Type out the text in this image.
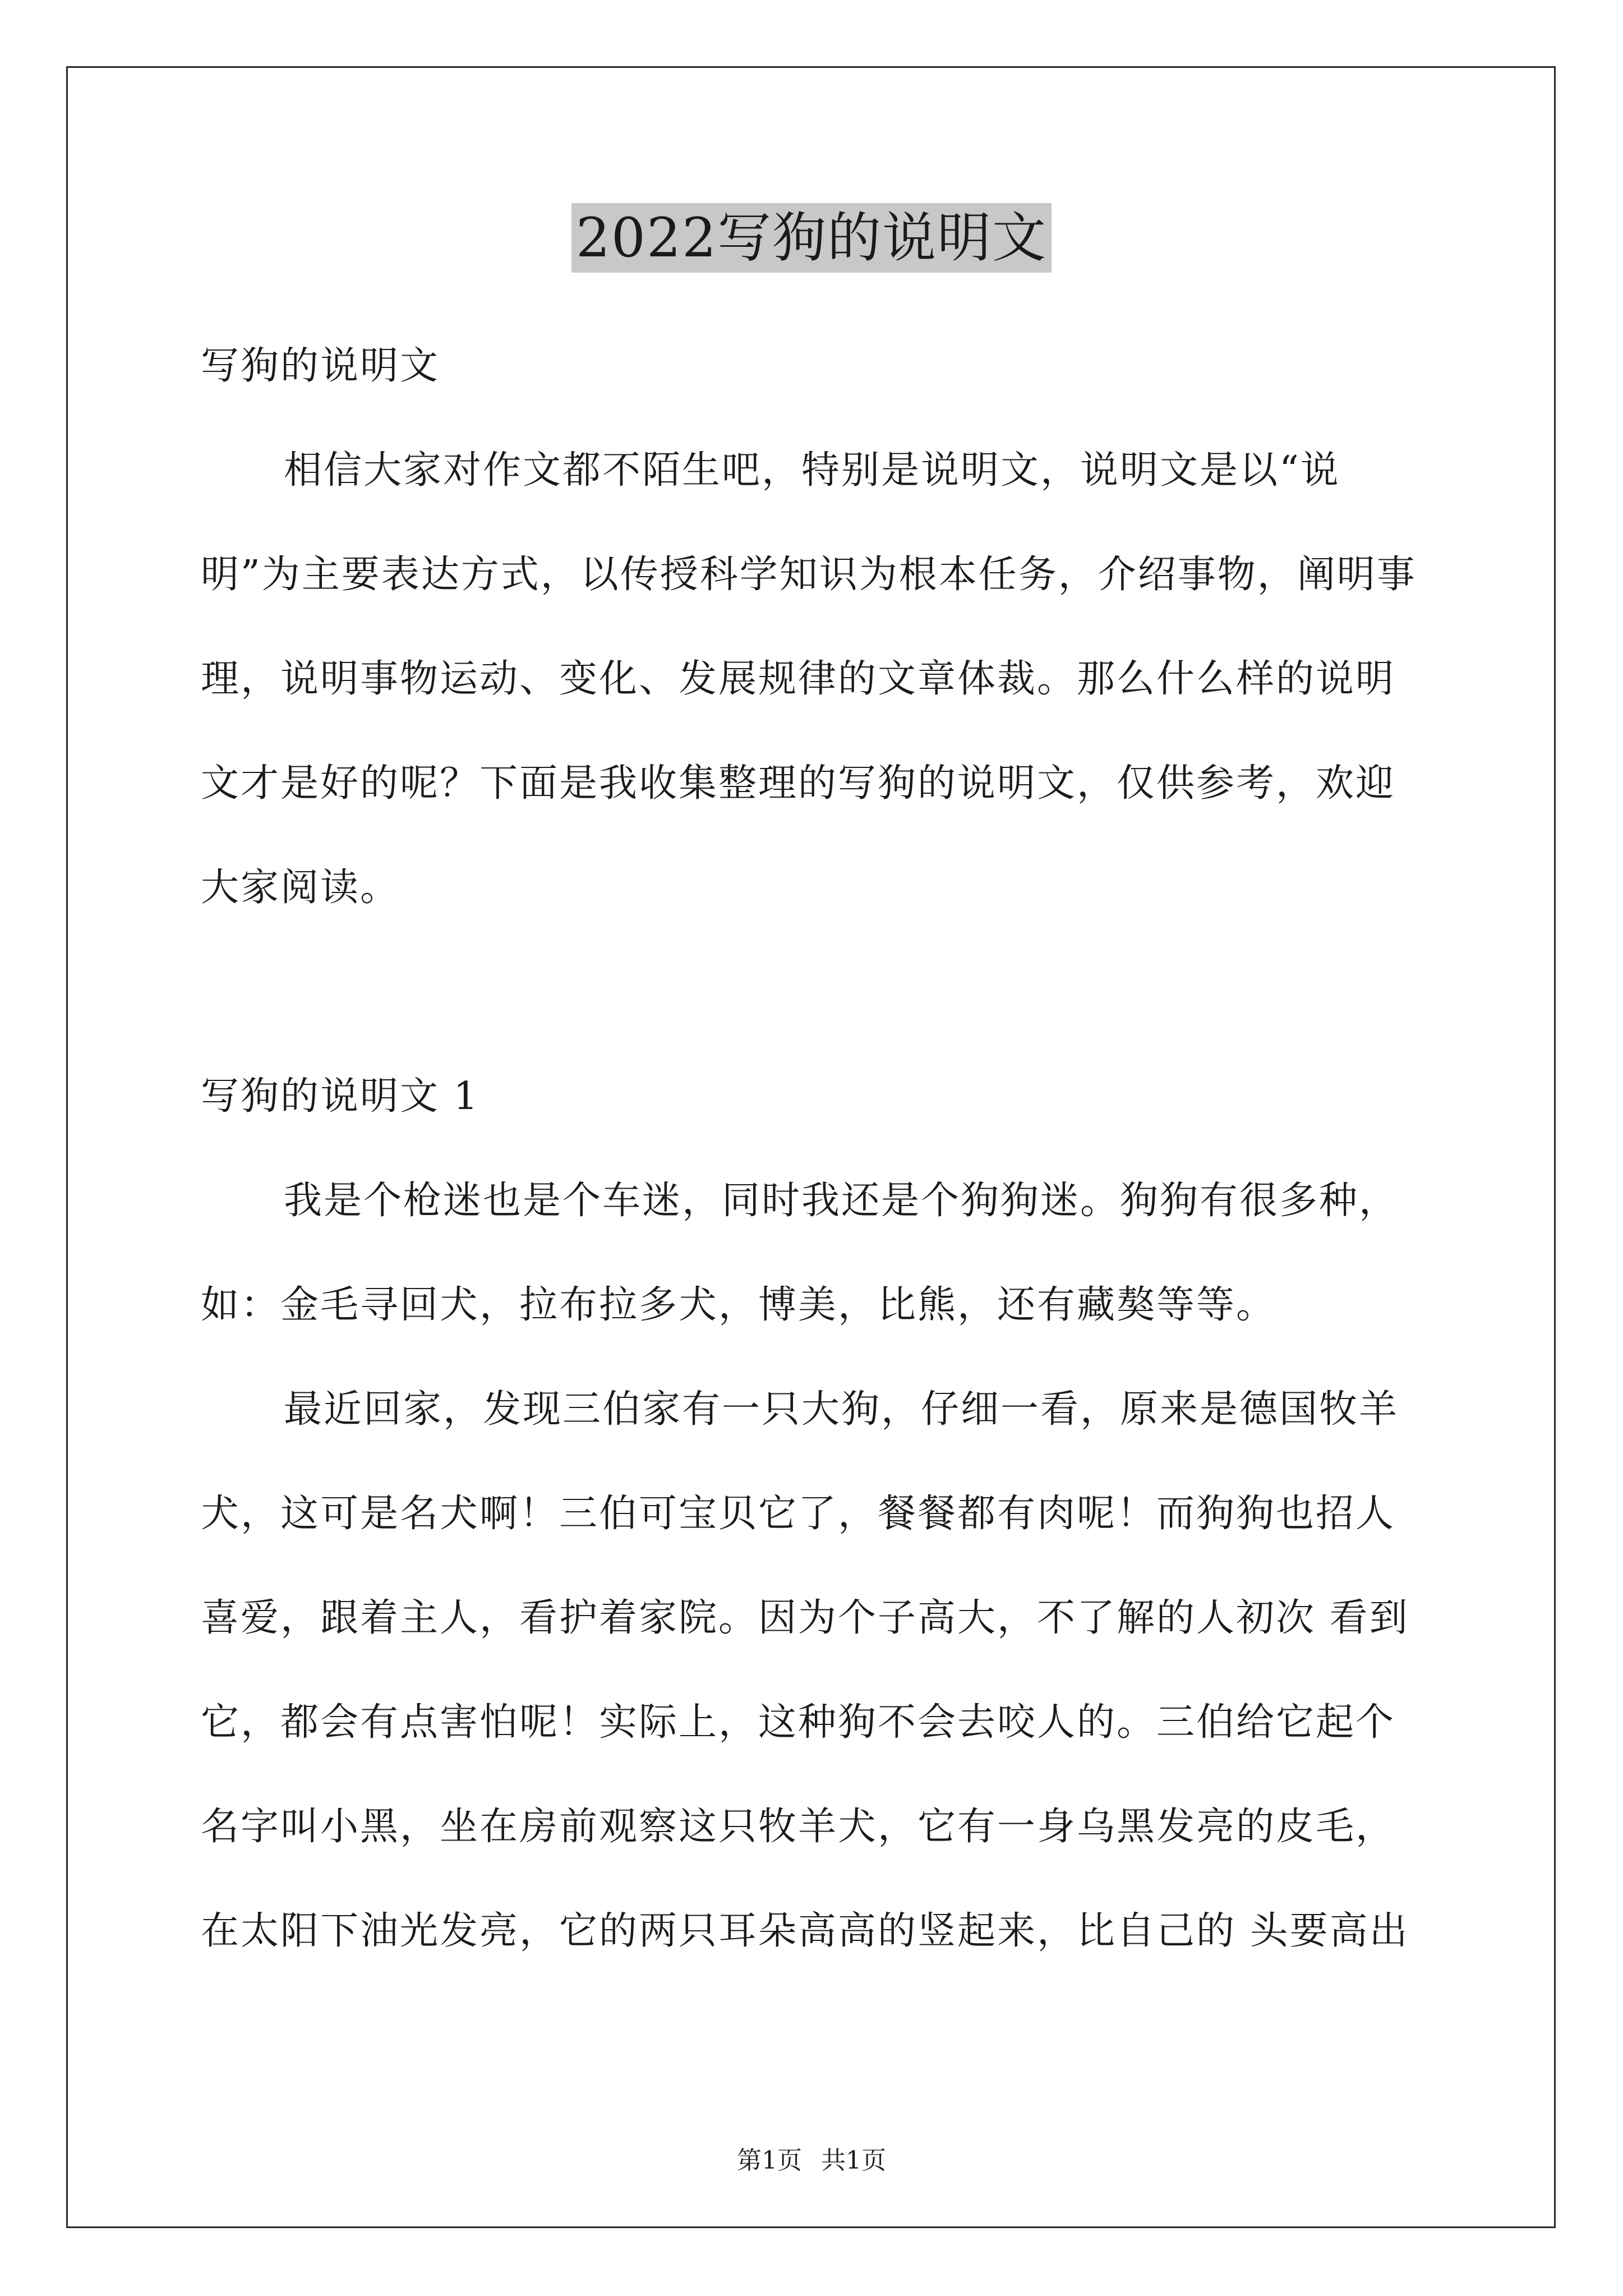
2022写狗的说明文

写狗的说明文

相信大家对作文都不陌生吧，特别是说明文，说明文是以“说明”为主要表达方式，以传授科学知识为根本任务，介绍事物，阐明事理，说明事物运动、变化、发展规律的文章体裁。那么什么样的说明文才是好的呢？下面是我收集整理的写狗的说明文，仅供参考，欢迎大家阅读。

写狗的说明文 1

我是个枪迷也是个车迷，同时我还是个狗狗迷。狗狗有很多种，如：金毛寻回犬，拉布拉多犬，博美，比熊，还有藏獒等等。

最近回家，发现三伯家有一只大狗，仔细一看，原来是德国牧羊犬，这可是名犬啊！三伯可宝贝它了，餐餐都有肉呢！而狗狗也招人喜爱，跟着主人，看护着家院。因为个子高大，不了解的人初次 看到它，都会有点害怕呢！实际上，这种狗不会去咬人的。三伯给它起个名字叫小黑，坐在房前观察这只牧羊犬，它有一身乌黑发亮的皮毛，在太阳下油光发亮，它的两只耳朵高高的竖起来，比自己的 头要高出

第1页 共1页
